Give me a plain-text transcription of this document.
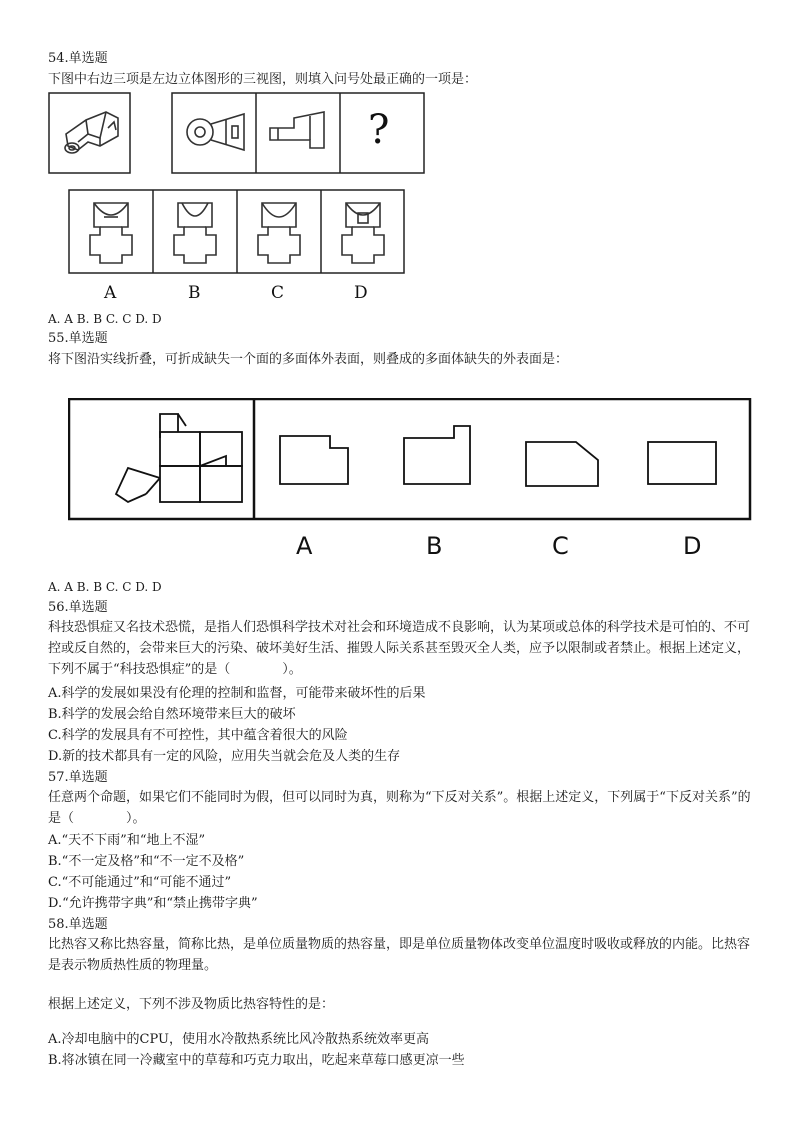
54.单选题
下图中右边三项是左边立体图形的三视图，则填入问号处最正确的一项是：
?
A	B	C	D
A. A B. B C. C D. D
55.单选题
将下图沿实线折叠，可折成缺失一个面的多面体外表面，则叠成的多面体缺失的外表面是：
A	B	C	D
A. A B. B C. C D. D
56.单选题
科技恐惧症又名技术恐慌，是指人们恐惧科学技术对社会和环境造成不良影响，认为某项或总体的科学技术是可怕的、不可控或反自然的，会带来巨大的污染、破坏美好生活、摧毁人际关系甚至毁灭全人类，应予以限制或者禁止。根据上述定义，下列不属于“科技恐惧症”的是（　　　　）。
A.科学的发展如果没有伦理的控制和监督，可能带来破坏性的后果
B.科学的发展会给自然环境带来巨大的破坏
C.科学的发展具有不可控性，其中蕴含着很大的风险
D.新的技术都具有一定的风险，应用失当就会危及人类的生存
57.单选题
任意两个命题，如果它们不能同时为假，但可以同时为真，则称为“下反对关系”。根据上述定义，下列属于“下反对关系”的是（　　　　）。
A.“天不下雨”和“地上不湿”
B.“不一定及格”和“不一定不及格”
C.“不可能通过”和“可能不通过”
D.“允许携带字典”和“禁止携带字典”
58.单选题
比热容又称比热容量，简称比热，是单位质量物质的热容量，即是单位质量物体改变单位温度时吸收或释放的内能。比热容是表示物质热性质的物理量。
根据上述定义，下列不涉及物质比热容特性的是：
A.冷却电脑中的CPU，使用水冷散热系统比风冷散热系统效率更高
B.将冰镇在同一冷藏室中的草莓和巧克力取出，吃起来草莓口感更凉一些
